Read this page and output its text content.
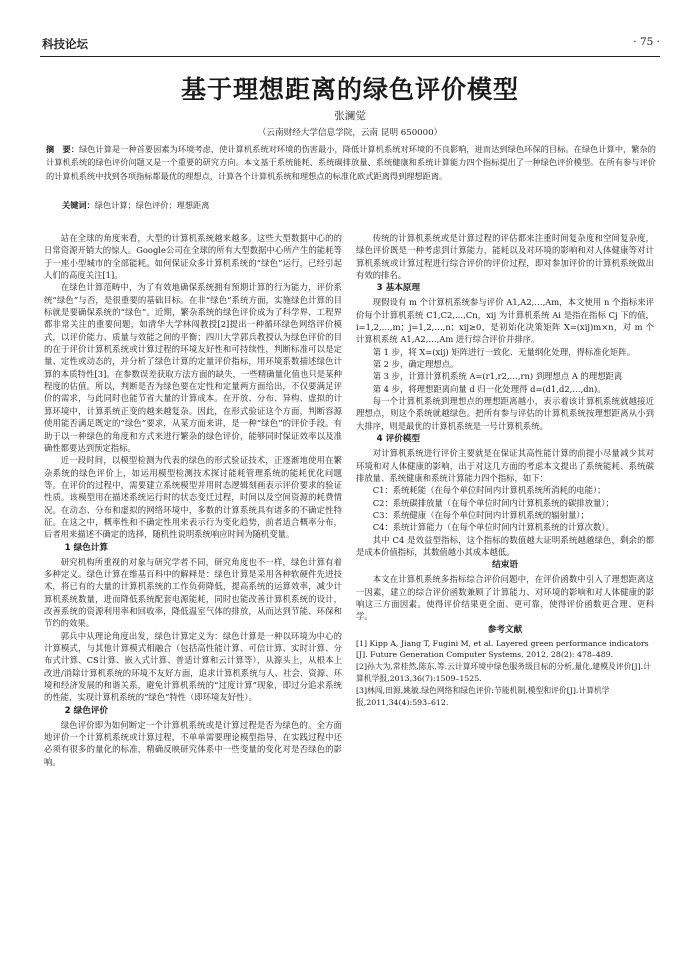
科技论坛	· 75 ·
基于理想距离的绿色评价模型
张澜觉
（云南财经大学信息学院，云南 昆明 650000）
摘　要：绿色计算是一种首要因素为环境考虑，使计算机系统对环境的伤害最小，降低计算机系统对环境的不良影响，进而达到绿色环保的目标。在绿色计算中，繁杂的计算机系统的绿色评价问题又是一个重要的研究方向。本文基于系统能耗、系统碳排放量、系统健康和系统计算能力四个指标提出了一种绿色评价模型。在所有参与评价的计算机系统中找到各项指标都最优的理想点，计算各个计算机系统和理想点的标准化欧式距离得到理想距离。
关键词：绿色计算；绿色评价；理想距离

站在全球的角度来看，大型的计算机系统越来越多。这些大型数据中心的的日常资源开销大的惊人。Google公司在全球的所有大型数据中心所产生的能耗等于一座小型城市的全部能耗。如何保证众多计算机系统的“绿色”运行，已经引起人们的高度关注[1]。

在绿色计算范畴中，为了有效地确保系统拥有预期计算的行为能力，评价系统“绿色”与否，是很重要的基础目标。在非“绿色”系统方面，实施绿色计算的目标就是要确保系统的“绿色”。近期，繁杂系统的绿色评价成为了科学界、工程界都非常关注的重要问题，如清华大学林闯教授[2]提出一种循环绿色网络评价模式，以评价能力、质量与效能之间的平衡；四川大学郭兵教授认为绿色评价的目的在于评价计算机系统或计算过程的环境友好性和可持续性，判断标准可以是定量、定性或动态的，并分析了绿色计算的定量评价指标，用环境系数描述绿色计算的本质特性[3]。在参数误差获取方法方面的缺失，一些精确量化值也只是某种程度的估值。所以，判断是否为绿色要在定性和定量两方面给出，不仅要满足评价的需求，与此同时也能节省大量的计算成本。在开放、分布、异构、虚拟的计算环境中，计算系统正变的越来越复杂。因此，在形式验证这个方面，判断容源使用能否满足既定的“绿色”要求，从某方面来讲，是一种“绿色”的评价手段。有助于以一种绿色的角度和方式来进行繁杂的绿色评价，能够同时保证效率以及准确性都要达到预定指标。

近一段时间，以模型检测为代表的绿色的形式验证技术，正逐渐地使用在繁杂系统的绿色评价上，如运用模型检测技术探讨能耗管理系统的能耗优化问题等。在评价的过程中，需要建立系统模型并用时态逻辑刻画表示评价要求的验证性质。该模型用在描述系统运行时的状态变迁过程，时间以及空间资源的耗费情况。在动态、分布和虚拟的网络环境中，多数的计算系统具有诸多的不确定性特征。在这之中，概率性和不确定性用来表示行为变化趋势，前者适合概率分布，后者用来描述不确定的选择，随机性说明系统响应时间为随机变量。

1 绿色计算

研究机构所重视的对象与研究学者不同，研究角度也不一样，绿色计算有着多种定义。绿色计算在维基百科中的解释是：绿色计算是采用各种软硬件先进技术，将已有的大量的计算机系统的工作负荷降低，提高系统的运算效率，减少计算机系统数量，进而降低系统配套电源能耗，同时也能改善计算机系统的设计，改善系统的资源利用率和回收率，降低温室气体的排放，从而达到节能、环保和节约的效果。

郭兵中从理论角度出发，绿色计算定义为：绿色计算是一种以环境为中心的计算模式，与其他计算模式相融合（包括高性能计算、可信计算、实时计算、分布式计算、CS计算、嵌入式计算、普适计算和云计算等），从源头上，从根本上改进/消除计算机系统的环境不友好方面，追求计算机系统与人、社会、资源、环境和经济发展的和谐关系，避免计算机系统的“过度计算”现象，即过分追求系统的性能，实现计算机系统的“绿色”特性（即环境友好性）。

2 绿色评价

绿色评价即为如何断定一个计算机系统或是计算过程是否为绿色的。全方面地评价一个计算机系统或计算过程，不单单需要理论模型指导，在实践过程中还必须有很多的量化的标准，精确反映研究体系中一些变量的变化对是否绿色的影响。

传统的计算机系统或是计算过程的评估都来注重时间复杂度和空间复杂度，绿色评价既是一种考虑到计算能力，能耗以及对环境的影响和对人体健康等对计算机系统或计算过程进行综合评价的评价过程，即对参加评价的计算机系统做出有效的排名。

3 基本原理

现假设有 m 个计算机系统参与评价 A1,A2,…,Am，本文使用 n 个指标来评价每个计算机系统 C1,C2,…,Cn，xij 为计算机系统 Ai 是指在指标 Cj 下的值，i=1,2,…,m；j=1,2,…,n；xij≥0，是初始化决策矩阵 X=(xij)m×n，对 m 个计算机系统 A1,A2,…,Am 进行综合评价并排序。

第 1 步，将 X=(xij) 矩阵进行一致化、无量纲化处理，得标准化矩阵。

第 2 步，确定理想点。

第 3 步，计算计算机系统 A=(r1,r2,…,rn) 到理想点 A 的理想距离

第 4 步，将理想距离向量 d 归一化处理得 d=(d1,d2,…,dn)。

每一个计算机系统到理想点的理想距离越小，表示着该计算机系统就越接近理想点，则这个系统就越绿色。把所有参与评估的计算机系统按理想距离从小到大排序，则是最优的计算机系统是一号计算机系统。

4 评价模型

对计算机系统进行评价主要就是在保证其高性能计算的前提小尽量减少其对环境和对人体健康的影响，出于对这几方面的考虑本文提出了系统能耗、系统碳排放量、系统健康和系统计算能力四个指标，如下：

C1：系统耗能（在每个单位时间内计算机系统所消耗的电能）；

C2：系统碳排放量（在每个单位时间内计算机系统的碳排放量）；

C3：系统健康（在每个单位时间内计算机系统的辐射量）；

C4：系统计算能力（在每个单位时间内计算机系统的计算次数）。

其中 C4 是效益型指标，这个指标的数值越大证明系统越越绿色，剩余的都是成本价值指标，其数值越小其成本越低。

结束语

本文在计算机系统多指标综合评价问题中，在评价函数中引入了理想距离这一因素，建立的综合评价函数兼顾了计算能力、对环境的影响和对人体健康的影响这三方面因素。使得评价结果更全面、更可靠，使得评价函数更合理、更科学。

参考文献

[1] Kipp A, Jiang T, Fugini M, et al. Layered green performance indicators [J]. Future Generation Computer Systems, 2012, 28(2): 478–489.

[2]孙大为,常桂然,陈东,等.云计算环境中绿色服务级目标的分析,量化,建模及评价[J].计算机学报,2013,36(7):1509–1525.

[3]林闯,田源,姚敏.绿色网络和绿色评价:节能机制,模型和评价[J].计算机学报,2011,34(4):593–612.
